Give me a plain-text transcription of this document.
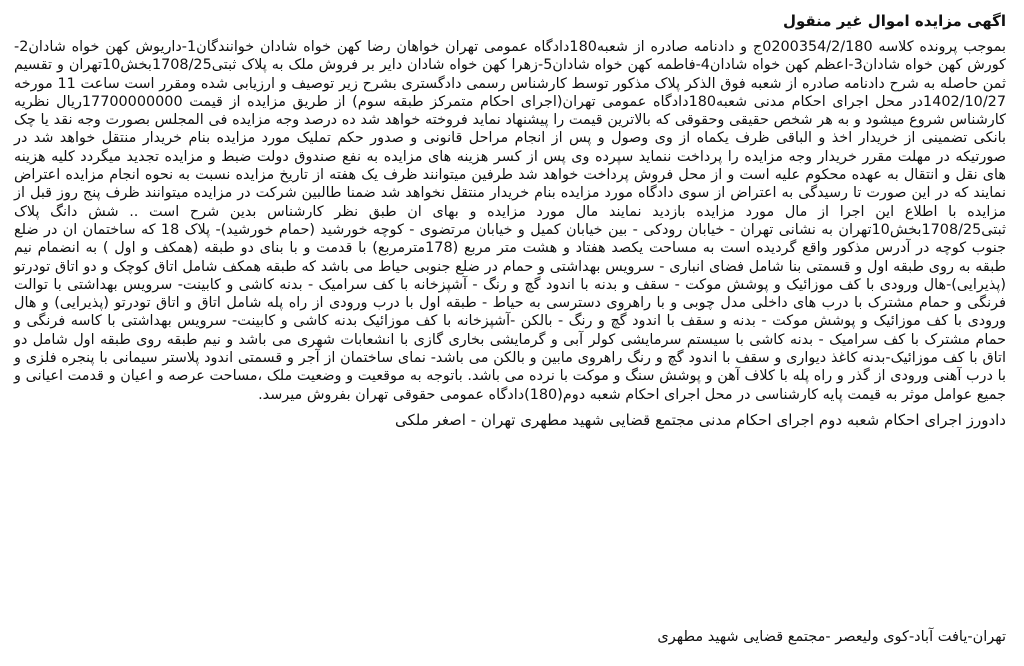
اگهی مزایده اموال غیر منقول

بموجب پرونده کلاسه 0200354/2/180ج و دادنامه صادره از شعبه180دادگاه عمومی تهران خواهان رضا کهن خواه شادان خوانندگان1-داریوش کهن خواه شادان2-کورش کهن خواه شادان3-اعظم کهن خواه شادان4-فاطمه کهن خواه شادان5-زهرا کهن خواه شادان دایر بر فروش ملک به پلاک ثبتی1708/25بخش10تهران و تقسیم ثمن حاصله به شرح دادنامه صادره از شعبه فوق الذکر پلاک مذکور توسط کارشناس رسمی دادگستری بشرح زیر توصیف و ارزیابی شده ومقرر است ساعت 11 مورخه 1402/10/27در محل اجرای احکام مدنی شعبه180دادگاه عمومی تهران(اجرای احکام متمرکز طبقه سوم) از طریق مزایده از قیمت 17700000000ریال نظریه کارشناس شروع میشود و به هر شخص حقیقی وحقوقی که بالاترین قیمت را پیشنهاد نماید فروخته خواهد شد ده درصد وجه مزایده فی المجلس بصورت وجه نقد یا چک بانکی تضمینی از خریدار اخذ و الباقی ظرف یکماه از وی وصول و پس از انجام مراحل قانونی و صدور حکم تملیک مورد مزایده بنام خریدار منتقل خواهد شد در صورتیکه در مهلت مقرر خریدار وجه مزایده را پرداخت ننماید سپرده وی پس از کسر هزینه های مزایده به نفع صندوق دولت ضبط و مزایده تجدید میگردد کلیه هزینه های نقل و انتقال به عهده محکوم علیه است و از محل فروش پرداخت خواهد شد طرفین میتوانند ظرف یک هفته از تاریخ مزایده نسبت به نحوه انجام مزایده اعتراض نمایند که در این صورت تا رسیدگی به اعتراض از سوی دادگاه مورد مزایده بنام خریدار منتقل نخواهد شد ضمنا طالبین شرکت در مزایده میتوانند ظرف پنج روز قبل از مزایده با اطلاع این اجرا از مال مورد مزایده بازدید نمایند مال مورد مزایده و بهای ان طبق نظر کارشناس بدین شرح است .. شش دانگ پلاک ثبتی1708/25بخش10تهران به نشانی تهران - خیابان رودکی - بین خیابان کمیل و خیابان مرتضوی - کوچه خورشید (حمام خورشید)- پلاک 18 که ساختمان ان در ضلع جنوب کوچه در آدرس مذکور واقع گردیده است به مساحت یکصد هفتاد و هشت متر مربع (178مترمربع) با قدمت و با بنای دو طبقه (همکف و اول ) به انضمام نیم طبقه به روی طبقه اول و قسمتی بنا شامل فضای انباری - سرویس بهداشتی و حمام در ضلع جنوبی حیاط می باشد که طبقه همکف شامل اتاق کوچک و دو اتاق تودرتو (پذیرایی)-هال ورودی با کف موزائیک و پوشش موکت - سقف و بدنه با اندود گچ و رنگ - آشپزخانه با کف سرامیک - بدنه کاشی و کابینت- سرویس بهداشتی با توالت فرنگی و حمام مشترک با درب های داخلی مدل چوبی و با راهروی دسترسی به حیاط - طبقه اول با درب ورودی از راه پله شامل اتاق و اتاق تودرتو (پذیرایی) و هال ورودی با کف موزائیک و پوشش موکت - بدنه و سقف با اندود گچ و رنگ - بالکن -آشپزخانه با کف موزائیک بدنه کاشی و کابینت- سرویس بهداشتی با کاسه فرنگی و حمام مشترک با کف سرامیک - بدنه کاشی با سیستم سرمایشی کولر آبی و گرمایشی بخاری گازی با انشعابات شهری می باشد و نیم طبقه روی طبقه اول شامل دو اتاق با کف موزائیک-بدنه کاغذ دیواری و سقف با اندود گچ و رنگ راهروی مابین و بالکن می باشد- نمای ساختمان از آجر و قسمتی اندود پلاستر سیمانی با پنجره فلزی و با درب آهنی ورودی از گذر و راه پله با کلاف آهن و پوشش سنگ و موکت با نرده می باشد. باتوجه به موقعیت و وضعیت ملک ،مساحت عرصه و اعیان و قدمت اعیانی و جمیع عوامل موثر به قیمت پایه کارشناسی در محل اجرای احکام شعبه دوم(180)دادگاه عمومی حقوقی تهران بفروش میرسد.

دادورز اجرای احکام شعبه دوم اجرای احکام مدنی مجتمع قضایی شهید مطهری تهران - اصغر ملکی
تهران-یافت آباد-کوی ولیعصر -مجتمع قضایی شهید مطهری
